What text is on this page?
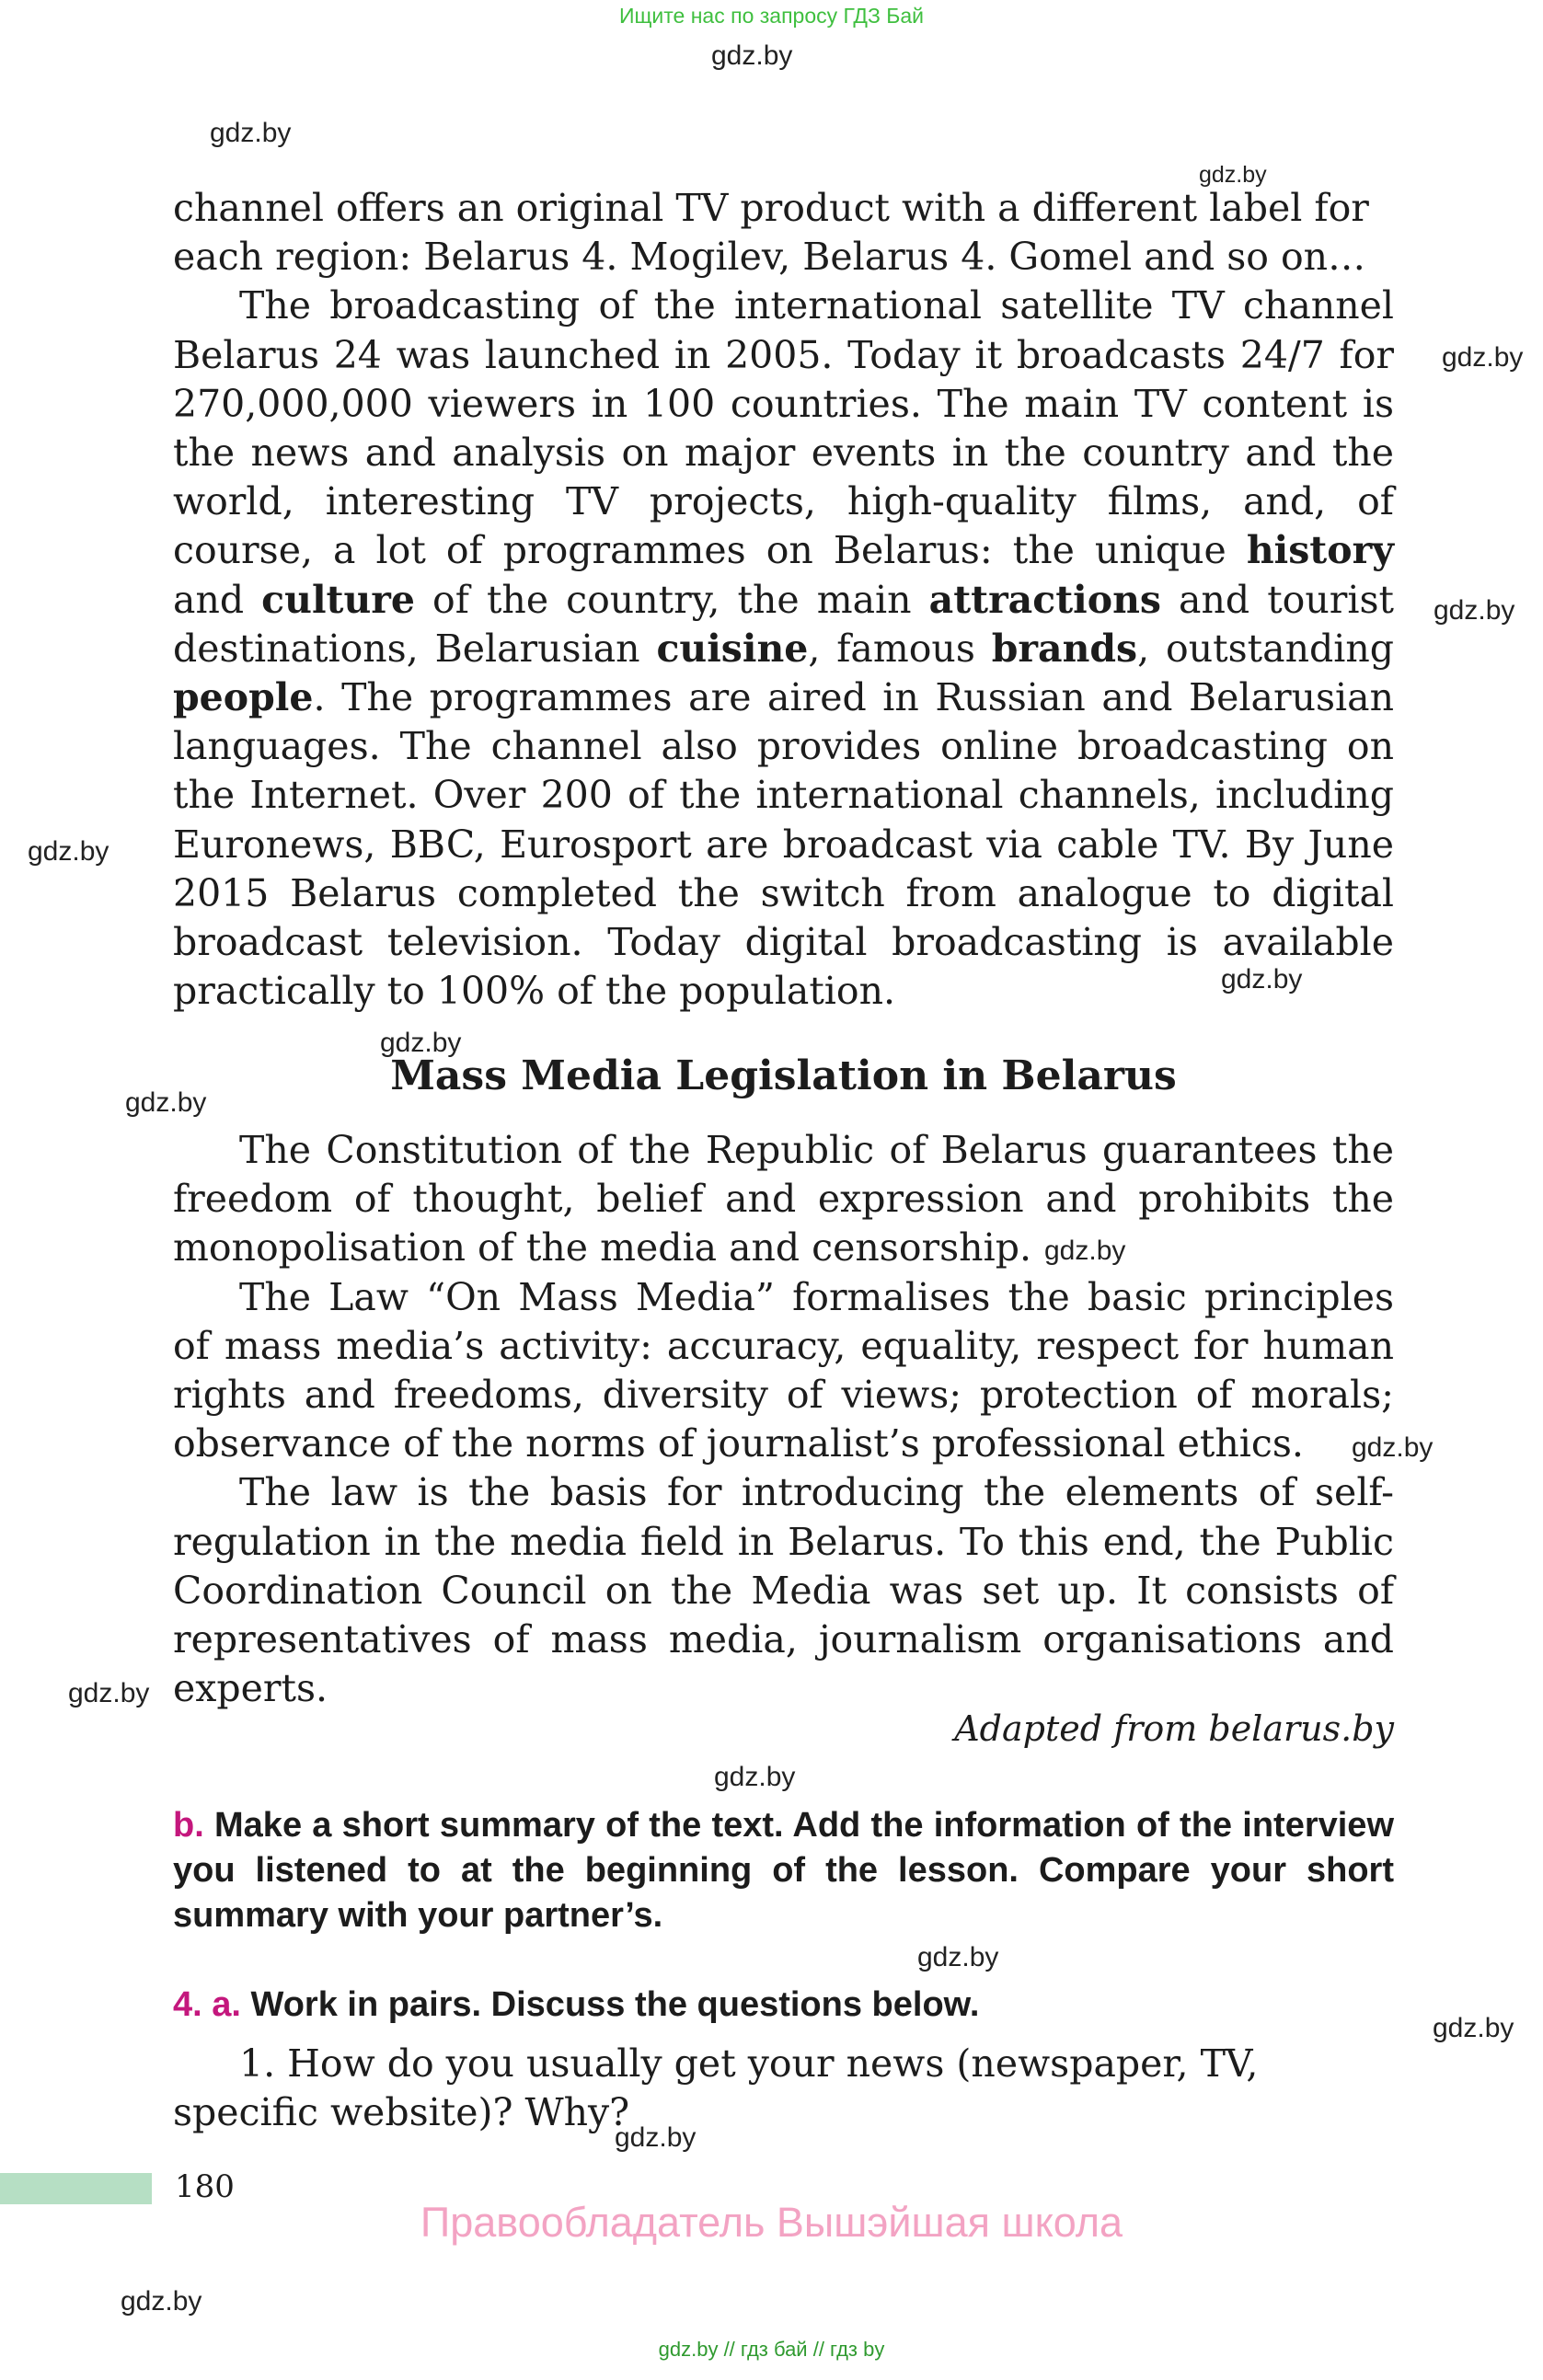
Ищите нас по запросу ГДЗ Бай
gdz.by
gdz.by
gdz.by
gdz.by
gdz.by
gdz.by
gdz.by
gdz.by
gdz.by
gdz.by
gdz.by
gdz.by
gdz.by
gdz.by
gdz.by
gdz.by
gdz.by

channel offers an original TV product with a different label for

each region: Belarus 4. Mogilev, Belarus 4. Gomel and so on…

The broadcasting of the international satellite TV channel Belarus 24 was launched in 2005. Today it broadcasts 24/7 for 270,000,000 viewers in 100 countries. The main TV content is the news and analysis on major events in the country and the world, interesting TV projects, high-quality films, and, of course, a lot of programmes on Belarus: the unique history and culture of the country, the main attractions and tourist destinations, Belarusian cuisine, famous brands, outstanding people. The programmes are aired in Russian and Belarusian languages. The channel also provides online broadcasting on the Internet. Over 200 of the international channels, including Euronews, BBC, Eurosport are broadcast via cable TV. By June 2015 Belarus completed the switch from analogue to digital broadcast television. Today digital broadcasting is available practically to 100% of the population.

Mass Media Legislation in Belarus

The Constitution of the Republic of Belarus guarantees the freedom of thought, belief and expression and prohibits the monopolisation of the media and censorship.

The Law “On Mass Media” formalises the basic principles of mass media’s activity: accuracy, equality, respect for human rights and freedoms, diversity of views; protection of morals; observance of the norms of journalist’s professional ethics.

The law is the basis for introducing the elements of self-regulation in the media field in Belarus. To this end, the Public Coordination Council on the Media was set up. It consists of representatives of mass media, journalism organisations and experts.

Adapted from belarus.by
b. Make a short summary of the text. Add the information of the interview you listened to at the beginning of the lesson. Compare your short summary with your partner’s.
4. a. Work in pairs. Discuss the questions below.

1. How do you usually get your news (newspaper, TV, specific website)? Why?

180
Правообладатель Вышэйшая школа
gdz.by // гдз бай // гдз by
